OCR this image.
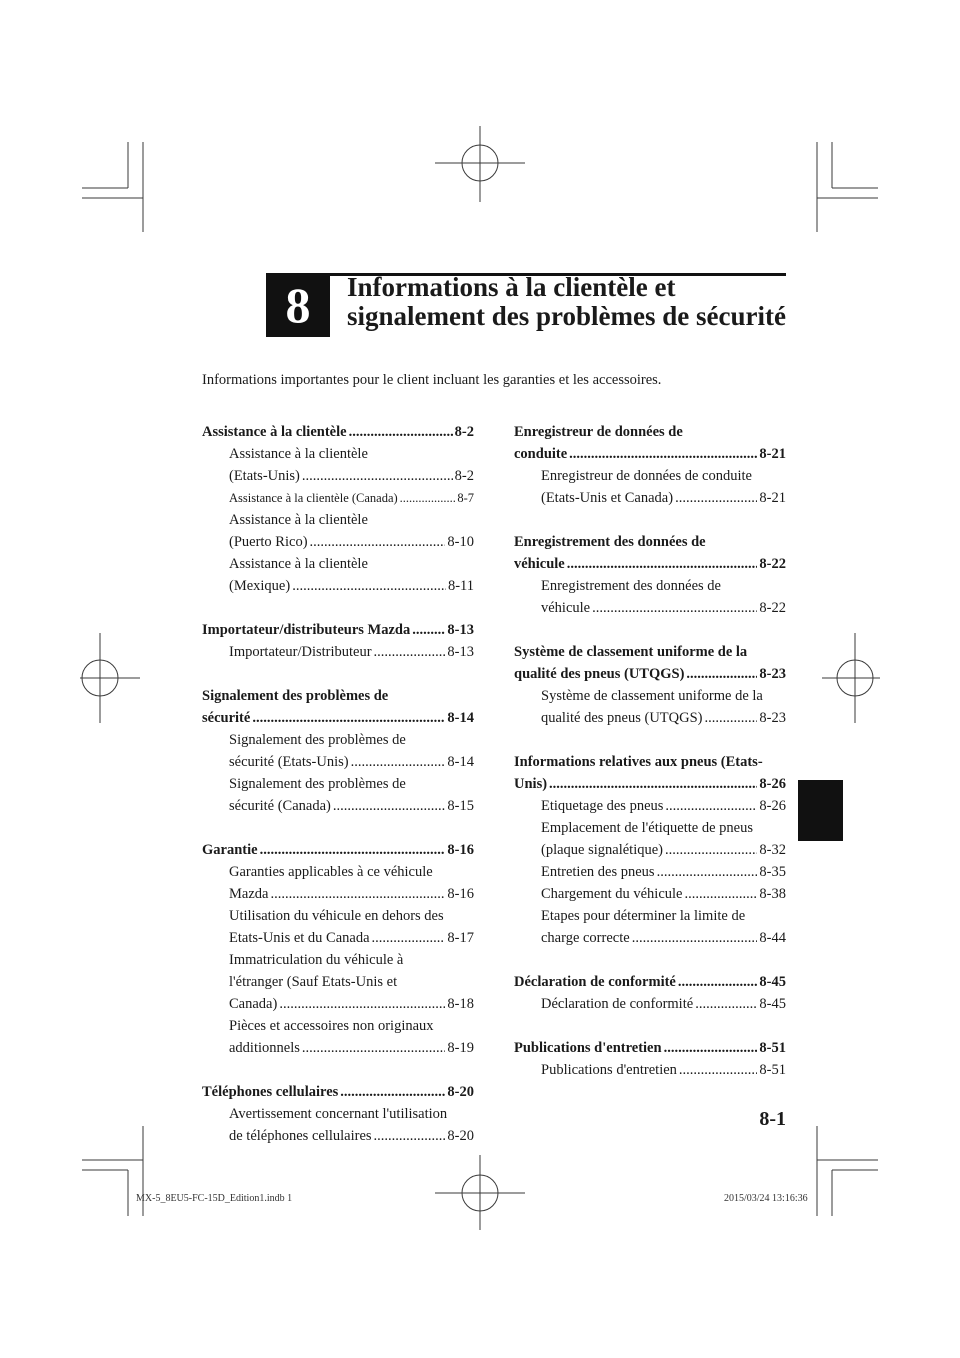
8	Informations à la clientèle et
signalement des problèmes de sécurité
Informations importantes pour le client incluant les garanties et les accessoires.
Assistance à la clientèle .....	8-2
Assistance à la clientèle
(Etats-Unis) .....	8-2
Assistance à la clientèle (Canada) .....	8-7
Assistance à la clientèle
(Puerto Rico) .....	8-10
Assistance à la clientèle
(Mexique) .....	8-11
Importateur/distributeurs Mazda .....	8-13
Importateur/Distributeur .....	8-13
Signalement des problèmes de
sécurité .....	8-14
Signalement des problèmes de
sécurité (Etats-Unis) .....	8-14
Signalement des problèmes de
sécurité (Canada) .....	8-15
Garantie .....	8-16
Garanties applicables à ce véhicule
Mazda .....	8-16
Utilisation du véhicule en dehors des
Etats-Unis et du Canada .....	8-17
Immatriculation du véhicule à
l'étranger (Sauf Etats-Unis et
Canada) .....	8-18
Pièces et accessoires non originaux
additionnels .....	8-19
Téléphones cellulaires .....	8-20
Avertissement concernant l'utilisation
de téléphones cellulaires .....	8-20
Enregistreur de données de
conduite .....	8-21
Enregistreur de données de conduite
(Etats-Unis et Canada) .....	8-21
Enregistrement des données de
véhicule .....	8-22
Enregistrement des données de
véhicule .....	8-22
Système de classement uniforme de la
qualité des pneus (UTQGS) .....	8-23
Système de classement uniforme de la
qualité des pneus (UTQGS) .....	8-23
Informations relatives aux pneus (Etats-
Unis) .....	8-26
Etiquetage des pneus .....	8-26
Emplacement de l'étiquette de pneus
(plaque signalétique) .....	8-32
Entretien des pneus .....	8-35
Chargement du véhicule .....	8-38
Etapes pour déterminer la limite de
charge correcte .....	8-44
Déclaration de conformité .....	8-45
Déclaration de conformité .....	8-45
Publications d'entretien .....	8-51
Publications d'entretien .....	8-51
8-1
MX-5_8EU5-FC-15D_Edition1.indb 1	2015/03/24 13:16:36
